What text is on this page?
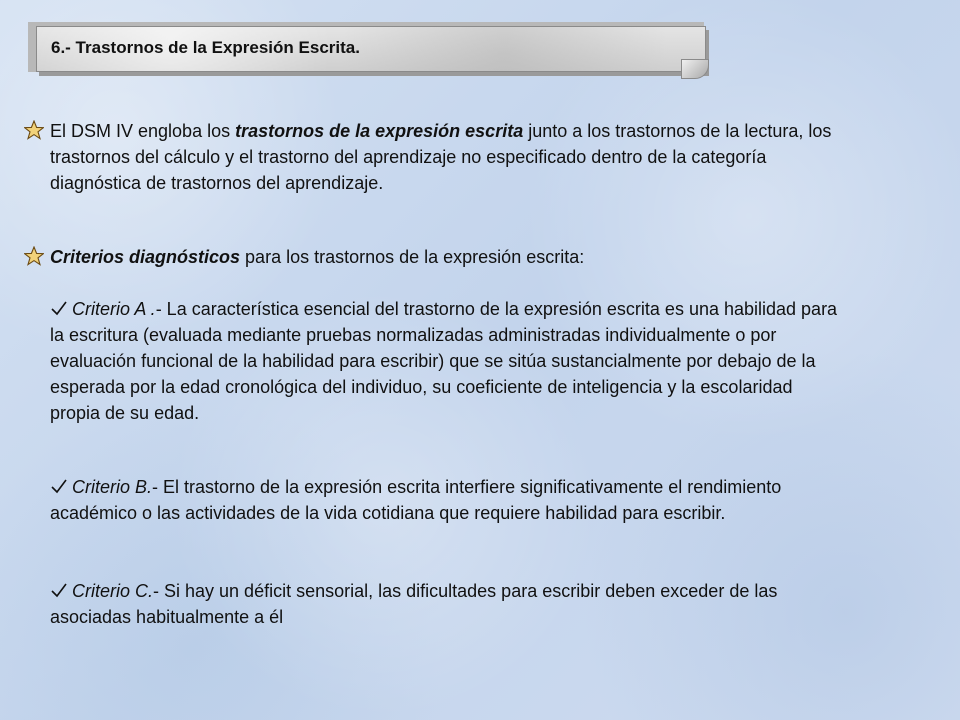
6.- Trastornos de la Expresión Escrita.
El DSM IV engloba los trastornos de la expresión escrita junto a los trastornos de la lectura, los trastornos del cálculo y el trastorno del aprendizaje no especificado dentro de la categoría diagnóstica de trastornos del aprendizaje.
Criterios diagnósticos para los trastornos de la expresión escrita:
Criterio A .- La característica esencial del trastorno de la expresión escrita es una habilidad para la escritura (evaluada mediante pruebas normalizadas administradas individualmente o por evaluación funcional de la habilidad para escribir) que se sitúa sustancialmente por debajo de la esperada por la edad cronológica del individuo, su coeficiente de inteligencia y la escolaridad propia de su edad.
Criterio B.- El trastorno de la expresión escrita interfiere significativamente el rendimiento académico o las actividades de la vida cotidiana que requiere habilidad para escribir.
Criterio C.- Si hay un déficit sensorial, las dificultades para escribir deben exceder de las asociadas habitualmente a él
